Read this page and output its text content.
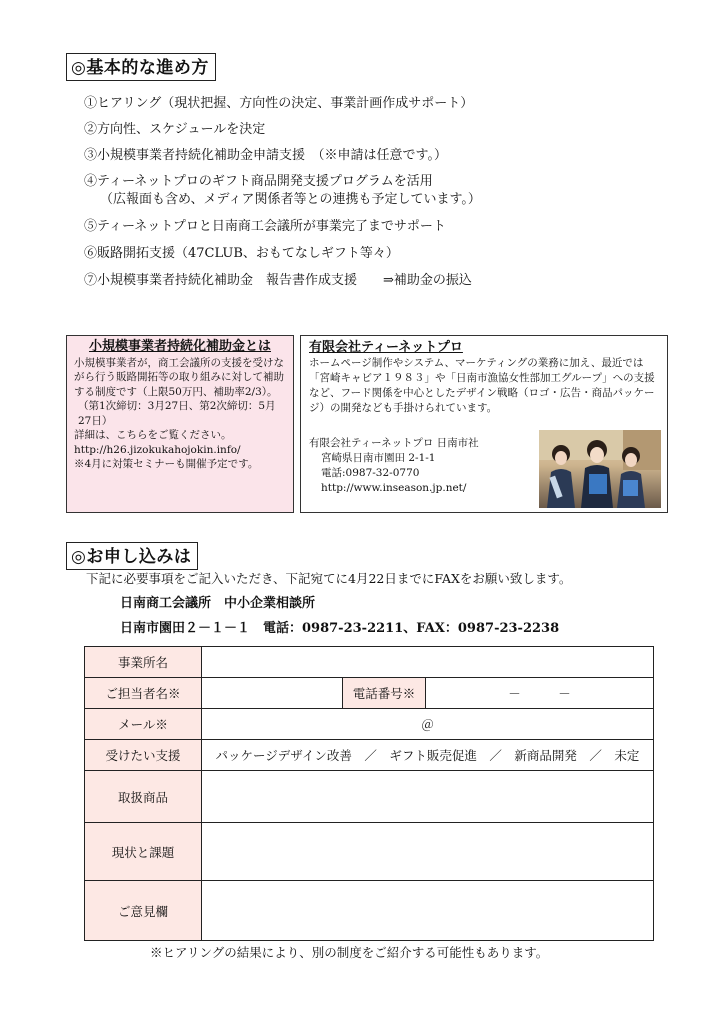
◎基本的な進め方
①ヒアリング（現状把握、方向性の決定、事業計画作成サポート）
②方向性、スケジュールを決定
③小規模事業者持続化補助金申請支援　（※申請は任意です。）
④ティーネットプロのギフト商品開発支援プログラムを活用
（広報面も含め、メディア関係者等との連携も予定しています。）
⑤ティーネットプロと日南商工会議所が事業完了までサポート
⑥販路開拓支援（47CLUB、おもてなしギフト等々）
⑦小規模事業者持続化補助金　報告書作成支援　　⇒補助金の振込
小規模事業者持続化補助金とは
小規模事業者が，商工会議所の支援を受けながら行う販路開拓等の取り組みに対して補助する制度です（上限50万円、補助率2/3）。
（第1次締切：3月27日、第2次締切：5月27日）
詳細は、こちらをご覧ください。
http://h26.jizokukahojokin.info/
※4月に対策セミナーも開催予定です。
有限会社ティーネットプロ
ホームページ制作やシステム、マーケティングの業務に加え、最近では「宮崎キャビア１９８３」や「日南市漁協女性部加工グループ」への支援など、フード関係を中心としたデザイン戦略（ロゴ・広告・商品パッケージ）の開発なども手掛けられています。
有限会社ティーネットプロ 日南市社
宮崎県日南市園田 2-1-1
電話:0987-32-0770
http://www.inseason.jp.net/
◎お申し込みは
下記に必要事項をご記入いただき、下記宛てに4月22日までにFAXをお願い致します。
日南商工会議所　中小企業相談所
日南市園田２－１－１　電話：0987-23-2211、FAX：0987-23-2238
事業所名			
ご担当者名※		電話番号※	－　　　－
メール※	＠		
受けたい支援	パッケージデザイン改善　／　ギフト販売促進　／　新商品開発　／　未定		
取扱商品			
現状と課題			
ご意見欄			
※ヒアリングの結果により、別の制度をご紹介する可能性もあります。
